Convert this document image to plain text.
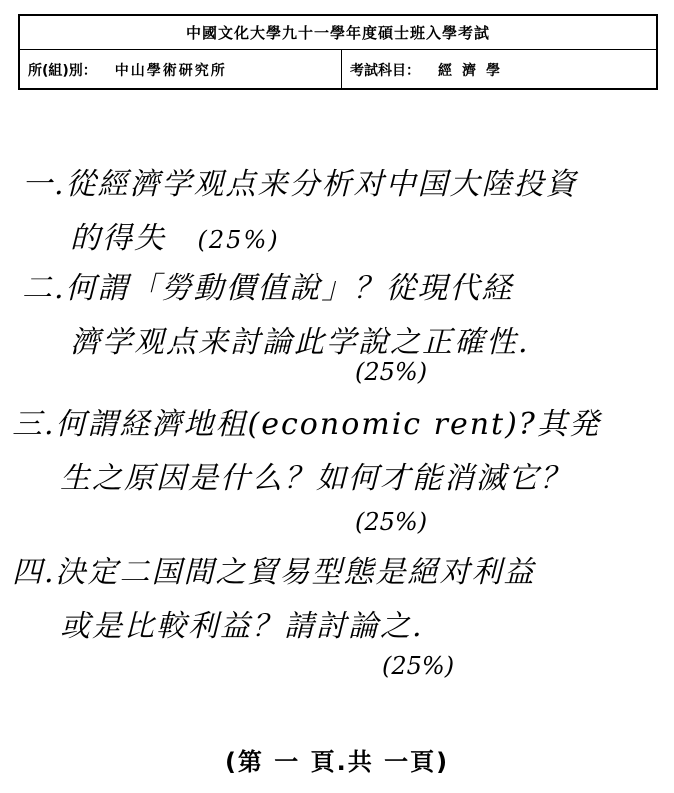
中國文化大學九十一學年度碩士班入學考試
所(組)別： 中山學術研究所	考試科目： 經濟學
一.從經濟学观点来分析对中国大陸投資
的得失 (25%)
二.何謂「勞動價值說」？從現代経
濟学观点来討論此学說之正確性.
(25%)
三.何謂経濟地租(economic rent)?其発
生之原因是什么？如何才能消滅它？
(25%)
四.決定二国間之貿易型態是絕对利益
或是比較利益？請討論之.
(25%)
(第 一 頁.共 一頁)
